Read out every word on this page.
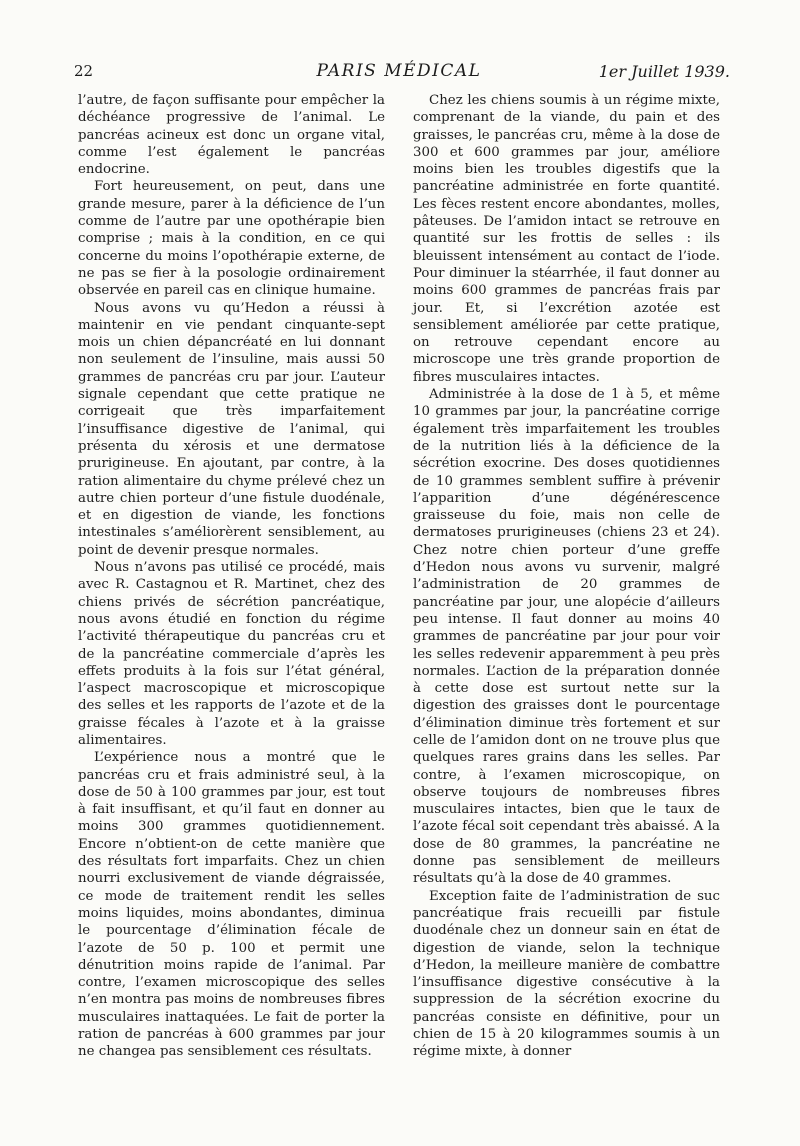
22	PARIS MÉDICAL	1er Juillet 1939.

l’autre, de façon suffisante pour empêcher la déchéance progressive de l’animal. Le pancréas acineux est donc un organe vital, comme l’est également le pancréas endocrine.

Fort heureusement, on peut, dans une grande mesure, parer à la déficience de l’un comme de l’autre par une opothérapie bien comprise ; mais à la condition, en ce qui concerne du moins l’opothérapie externe, de ne pas se fier à la posologie ordinairement observée en pareil cas en clinique humaine.

Nous avons vu qu’Hedon a réussi à maintenir en vie pendant cinquante-sept mois un chien dépancréaté en lui donnant non seulement de l’insuline, mais aussi 50 grammes de pancréas cru par jour. L’auteur signale cependant que cette pratique ne corrigeait que très imparfaitement l’insuffisance digestive de l’animal, qui présenta du xérosis et une dermatose prurigineuse. En ajoutant, par contre, à la ration alimentaire du chyme prélevé chez un autre chien porteur d’une fistule duodénale, et en digestion de viande, les fonctions intestinales s’améliorèrent sensiblement, au point de devenir presque normales.

Nous n’avons pas utilisé ce procédé, mais avec R. Castagnou et R. Martinet, chez des chiens privés de sécrétion pancréatique, nous avons étudié en fonction du régime l’activité thérapeutique du pancréas cru et de la pancréatine commerciale d’après les effets produits à la fois sur l’état général, l’aspect macroscopique et microscopique des selles et les rapports de l’azote et de la graisse fécales à l’azote et à la graisse alimentaires.

L’expérience nous a montré que le pancréas cru et frais administré seul, à la dose de 50 à 100 grammes par jour, est tout à fait insuffisant, et qu’il faut en donner au moins 300 grammes quotidiennement. Encore n’obtient-on de cette manière que des résultats fort imparfaits. Chez un chien nourri exclusivement de viande dégraissée, ce mode de traitement rendit les selles moins liquides, moins abondantes, diminua le pourcentage d’élimination fécale de l’azote de 50 p. 100 et permit une dénutrition moins rapide de l’animal. Par contre, l’examen microscopique des selles n’en montra pas moins de nombreuses fibres musculaires inattaquées. Le fait de porter la ration de pancréas à 600 grammes par jour ne changea pas sensiblement ces résultats.

Chez les chiens soumis à un régime mixte, comprenant de la viande, du pain et des graisses, le pancréas cru, même à la dose de 300 et 600 grammes par jour, améliore moins bien les troubles digestifs que la pancréatine administrée en forte quantité. Les fèces restent encore abondantes, molles, pâteuses. De l’amidon intact se retrouve en quantité sur les frottis de selles : ils bleuissent intensément au contact de l’iode. Pour diminuer la stéarrhée, il faut donner au moins 600 grammes de pancréas frais par jour. Et, si l’excrétion azotée est sensiblement améliorée par cette pratique, on retrouve cependant encore au microscope une très grande proportion de fibres musculaires intactes.

Administrée à la dose de 1 à 5, et même 10 grammes par jour, la pancréatine corrige également très imparfaitement les troubles de la nutrition liés à la déficience de la sécrétion exocrine. Des doses quotidiennes de 10 grammes semblent suffire à prévenir l’apparition d’une dégénérescence graisseuse du foie, mais non celle de dermatoses prurigineuses (chiens 23 et 24). Chez notre chien porteur d’une greffe d’Hedon nous avons vu survenir, malgré l’administration de 20 grammes de pancréatine par jour, une alopécie d’ailleurs peu intense. Il faut donner au moins 40 grammes de pancréatine par jour pour voir les selles redevenir apparemment à peu près normales. L’action de la préparation donnée à cette dose est surtout nette sur la digestion des graisses dont le pourcentage d’élimination diminue très fortement et sur celle de l’amidon dont on ne trouve plus que quelques rares grains dans les selles. Par contre, à l’examen microscopique, on observe toujours de nombreuses fibres musculaires intactes, bien que le taux de l’azote fécal soit cependant très abaissé. A la dose de 80 grammes, la pancréatine ne donne pas sensiblement de meilleurs résultats qu’à la dose de 40 grammes.

Exception faite de l’administration de suc pancréatique frais recueilli par fistule duodénale chez un donneur sain en état de digestion de viande, selon la technique d’Hedon, la meilleure manière de combattre l’insuffisance digestive consécutive à la suppression de la sécrétion exocrine du pancréas consiste en définitive, pour un chien de 15 à 20 kilogrammes soumis à un régime mixte, à donner
